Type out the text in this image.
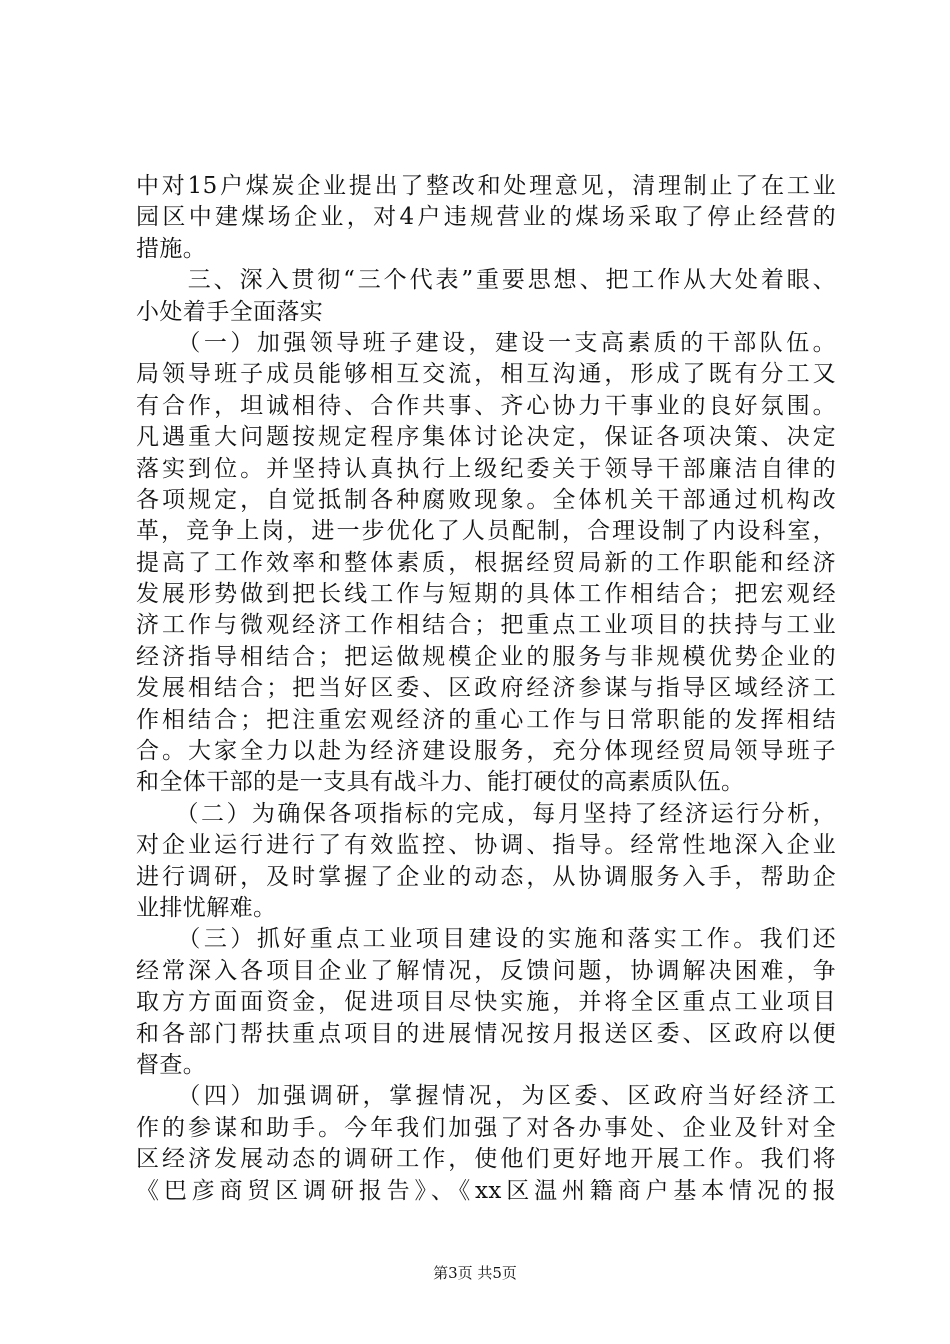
中对15户煤炭企业提出了整改和处理意见，清理制止了在工业
园区中建煤场企业，对4户违规营业的煤场采取了停止经营的
措施。
　　三、深入贯彻“三个代表”重要思想、把工作从大处着眼、
小处着手全面落实
　　（一）加强领导班子建设，建设一支高素质的干部队伍。
局领导班子成员能够相互交流，相互沟通，形成了既有分工又
有合作，坦诚相待、合作共事、齐心协力干事业的良好氛围。
凡遇重大问题按规定程序集体讨论决定，保证各项决策、决定
落实到位。并坚持认真执行上级纪委关于领导干部廉洁自律的
各项规定，自觉抵制各种腐败现象。全体机关干部通过机构改
革，竞争上岗，进一步优化了人员配制，合理设制了内设科室，
提高了工作效率和整体素质，根据经贸局新的工作职能和经济
发展形势做到把长线工作与短期的具体工作相结合；把宏观经
济工作与微观经济工作相结合；把重点工业项目的扶持与工业
经济指导相结合；把运做规模企业的服务与非规模优势企业的
发展相结合；把当好区委、区政府经济参谋与指导区域经济工
作相结合；把注重宏观经济的重心工作与日常职能的发挥相结
合。大家全力以赴为经济建设服务，充分体现经贸局领导班子
和全体干部的是一支具有战斗力、能打硬仗的高素质队伍。
　　（二）为确保各项指标的完成，每月坚持了经济运行分析，
对企业运行进行了有效监控、协调、指导。经常性地深入企业
进行调研，及时掌握了企业的动态，从协调服务入手，帮助企
业排忧解难。
　　（三）抓好重点工业项目建设的实施和落实工作。我们还
经常深入各项目企业了解情况，反馈问题，协调解决困难，争
取方方面面资金，促进项目尽快实施，并将全区重点工业项目
和各部门帮扶重点项目的进展情况按月报送区委、区政府以便
督查。
　　（四）加强调研，掌握情况，为区委、区政府当好经济工
作的参谋和助手。今年我们加强了对各办事处、企业及针对全
区经济发展动态的调研工作，使他们更好地开展工作。我们将
《巴彦商贸区调研报告》、《xx区温州籍商户基本情况的报
第3页 共5页
